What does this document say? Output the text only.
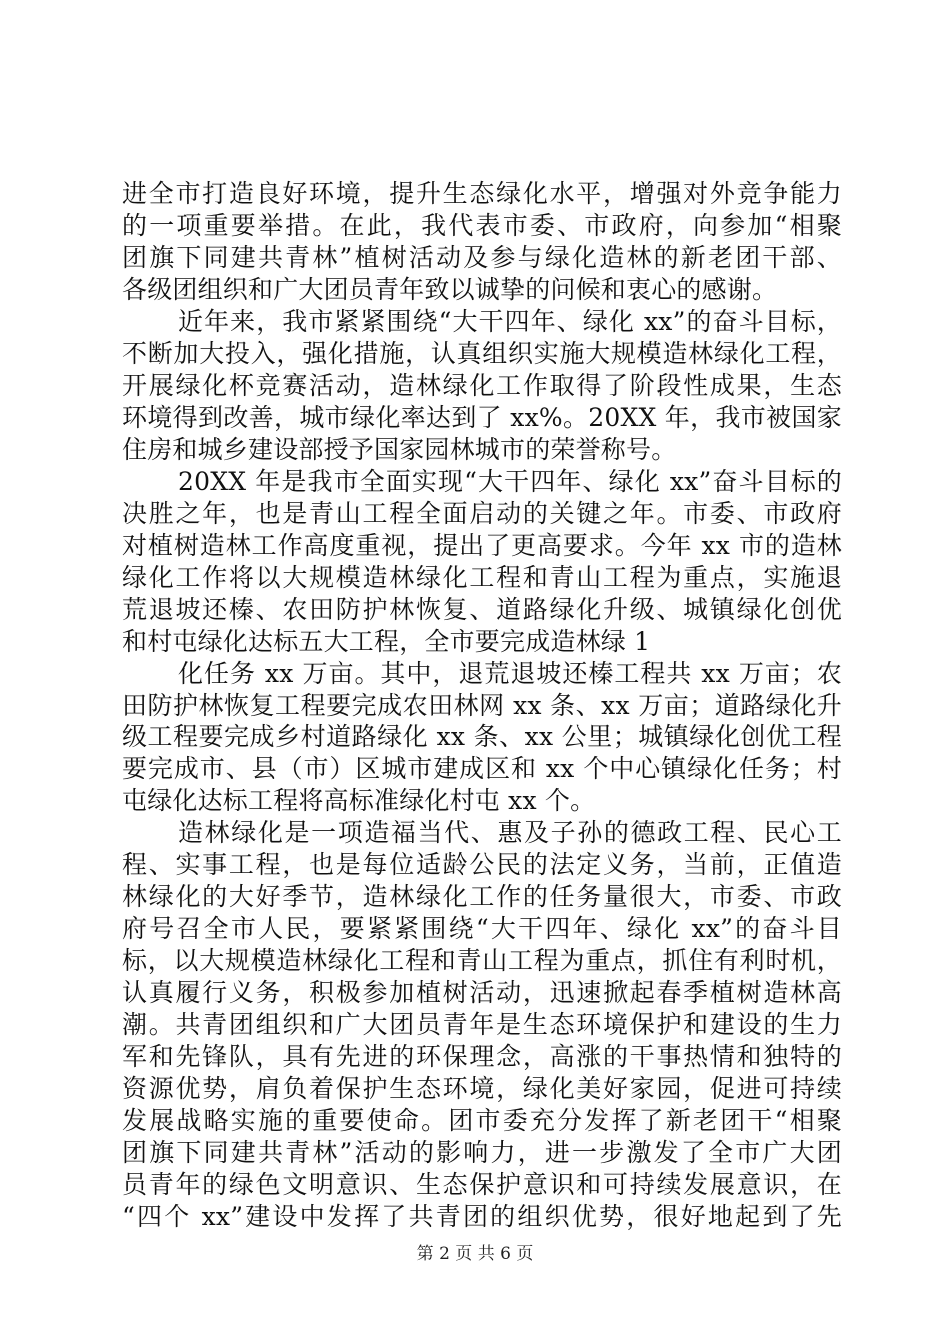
进全市打造良好环境，提升生态绿化水平，增强对外竞争能力
的一项重要举措。在此，我代表市委、市政府，向参加“相聚
团旗下同建共青林”植树活动及参与绿化造林的新老团干部、
各级团组织和广大团员青年致以诚挚的问候和衷心的感谢。
近年来，我市紧紧围绕“大干四年、绿化 xx”的奋斗目标，
不断加大投入，强化措施，认真组织实施大规模造林绿化工程，
开展绿化杯竞赛活动，造林绿化工作取得了阶段性成果，生态
环境得到改善，城市绿化率达到了 xx%。20XX 年，我市被国家
住房和城乡建设部授予国家园林城市的荣誉称号。
20XX 年是我市全面实现“大干四年、绿化 xx”奋斗目标的
决胜之年，也是青山工程全面启动的关键之年。市委、市政府
对植树造林工作高度重视，提出了更高要求。今年 xx 市的造林
绿化工作将以大规模造林绿化工程和青山工程为重点，实施退
荒退坡还榛、农田防护林恢复、道路绿化升级、城镇绿化创优
和村屯绿化达标五大工程，全市要完成造林绿 1
化任务 xx 万亩。其中，退荒退坡还榛工程共 xx 万亩；农
田防护林恢复工程要完成农田林网 xx 条、xx 万亩；道路绿化升
级工程要完成乡村道路绿化 xx 条、xx 公里；城镇绿化创优工程
要完成市、县（市）区城市建成区和 xx 个中心镇绿化任务；村
屯绿化达标工程将高标准绿化村屯 xx 个。
造林绿化是一项造福当代、惠及子孙的德政工程、民心工
程、实事工程，也是每位适龄公民的法定义务，当前，正值造
林绿化的大好季节，造林绿化工作的任务量很大，市委、市政
府号召全市人民，要紧紧围绕“大干四年、绿化 xx”的奋斗目
标，以大规模造林绿化工程和青山工程为重点，抓住有利时机，
认真履行义务，积极参加植树活动，迅速掀起春季植树造林高
潮。共青团组织和广大团员青年是生态环境保护和建设的生力
军和先锋队，具有先进的环保理念，高涨的干事热情和独特的
资源优势，肩负着保护生态环境，绿化美好家园，促进可持续
发展战略实施的重要使命。团市委充分发挥了新老团干“相聚
团旗下同建共青林”活动的影响力，进一步激发了全市广大团
员青年的绿色文明意识、生态保护意识和可持续发展意识，在
“四个 xx”建设中发挥了共青团的组织优势，很好地起到了先
第 2 页 共 6 页
